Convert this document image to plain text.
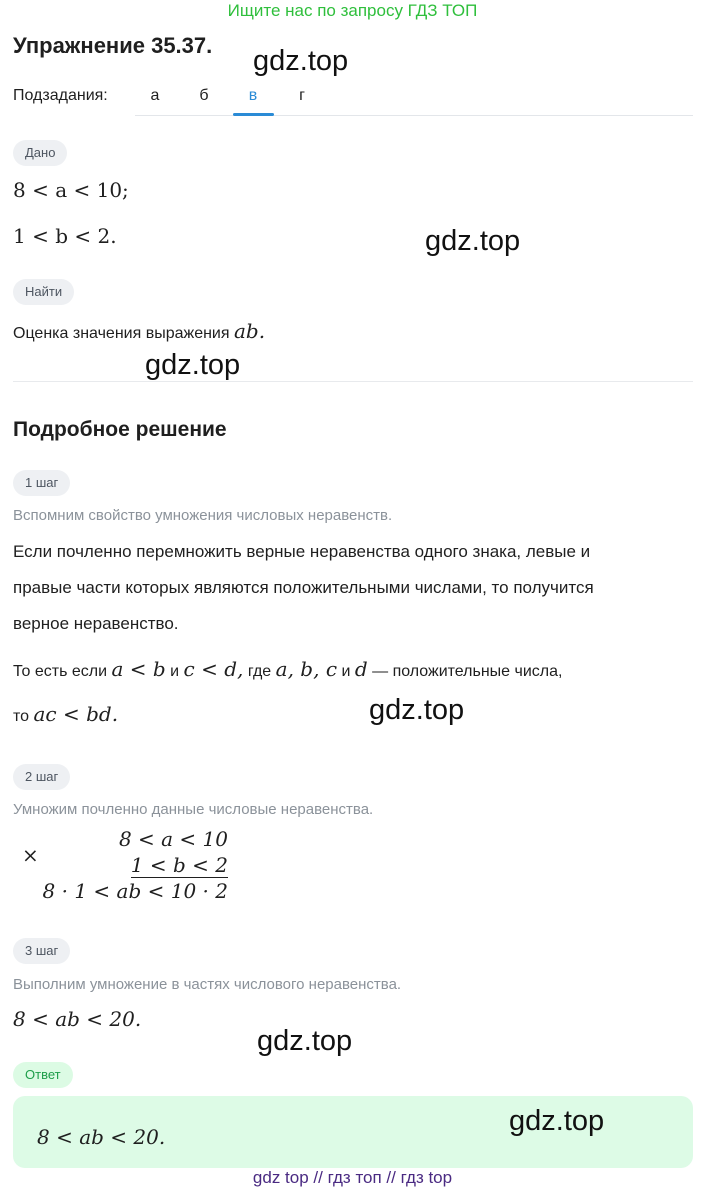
Ищите нас по запросу ГДЗ ТОП
Упражнение 35.37.
Подзадания:	а	б	в	г
Дано
8 < a < 10;
1 < b < 2.
Найти
Оценка значения выражения ab.
Подробное решение
1 шаг
Вспомним свойство умножения числовых неравенств.
Если почленно перемножить верные неравенства одного знака, левые и
правые части которых являются положительными числами, то получится
верное неравенство.
То есть если a < b и c < d, где a, b, c и d — положительные числа,
то ac < bd.
2 шаг
Умножим почленно данные числовые неравенства.
×
8 < a < 10
1 < b < 2
8 · 1 < ab < 10 · 2
3 шаг
Выполним умножение в частях числового неравенства.
8 < ab < 20.
Ответ
8 < ab < 20.
gdz.top
gdz.top
gdz.top
gdz.top
gdz.top
gdz.top
gdz top // гдз топ // гдз top
